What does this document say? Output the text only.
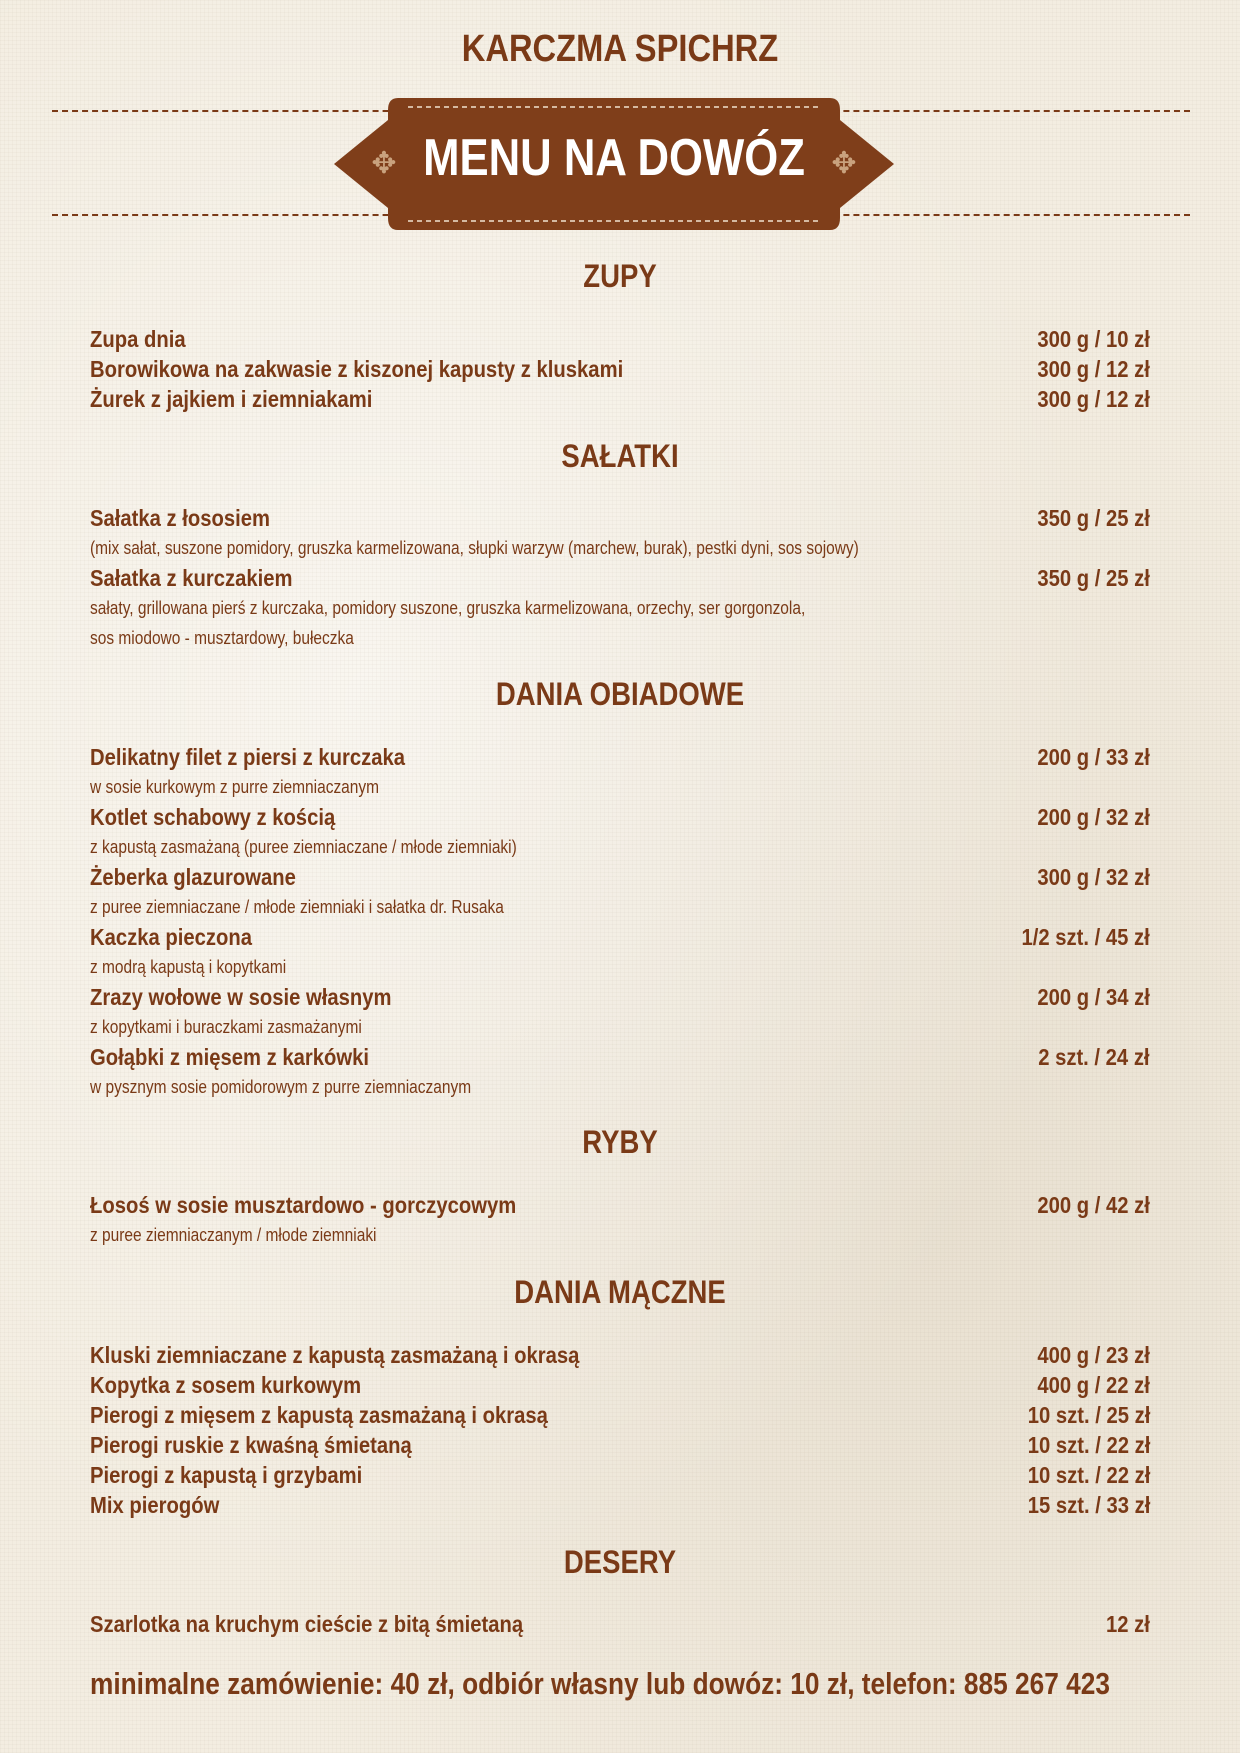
KARCZMA SPICHRZ
✥	✥
MENU NA DOWÓZ
ZUPY
Zupa dnia	300 g / 10 zł
Borowikowa na zakwasie z kiszonej kapusty z kluskami	300 g / 12 zł
Żurek z jajkiem i ziemniakami	300 g / 12 zł
SAŁATKI
Sałatka z łososiem	350 g / 25 zł
(mix sałat, suszone pomidory, gruszka karmelizowana, słupki warzyw (marchew, burak), pestki dyni, sos sojowy)
Sałatka z kurczakiem	350 g / 25 zł
sałaty, grillowana pierś z kurczaka, pomidory suszone, gruszka karmelizowana, orzechy, ser gorgonzola,
sos miodowo - musztardowy, bułeczka
DANIA OBIADOWE
Delikatny filet z piersi z kurczaka	200 g / 33 zł
w sosie kurkowym z purre ziemniaczanym
Kotlet schabowy z kością	200 g / 32 zł
z kapustą zasmażaną (puree ziemniaczane / młode ziemniaki)
Żeberka glazurowane	300 g / 32 zł
z puree ziemniaczane / młode ziemniaki i sałatka dr. Rusaka
Kaczka pieczona	1/2 szt. / 45 zł
z modrą kapustą i kopytkami
Zrazy wołowe w sosie własnym	200 g / 34 zł
z kopytkami i buraczkami zasmażanymi
Gołąbki z mięsem z karkówki	2 szt. / 24 zł
w pysznym sosie pomidorowym z purre ziemniaczanym
RYBY
Łosoś w sosie musztardowo - gorczycowym	200 g / 42 zł
z puree ziemniaczanym / młode ziemniaki
DANIA MĄCZNE
Kluski ziemniaczane z kapustą zasmażaną i okrasą	400 g / 23 zł
Kopytka z sosem kurkowym	400 g / 22 zł
Pierogi z mięsem z kapustą zasmażaną i okrasą	10 szt. / 25 zł
Pierogi ruskie z kwaśną śmietaną	10 szt. / 22 zł
Pierogi z kapustą i grzybami	10 szt. / 22 zł
Mix pierogów	15 szt. / 33 zł
DESERY
Szarlotka na kruchym cieście z bitą śmietaną	12 zł
minimalne zamówienie: 40 zł, odbiór własny lub dowóz: 10 zł, telefon: 885 267 423
